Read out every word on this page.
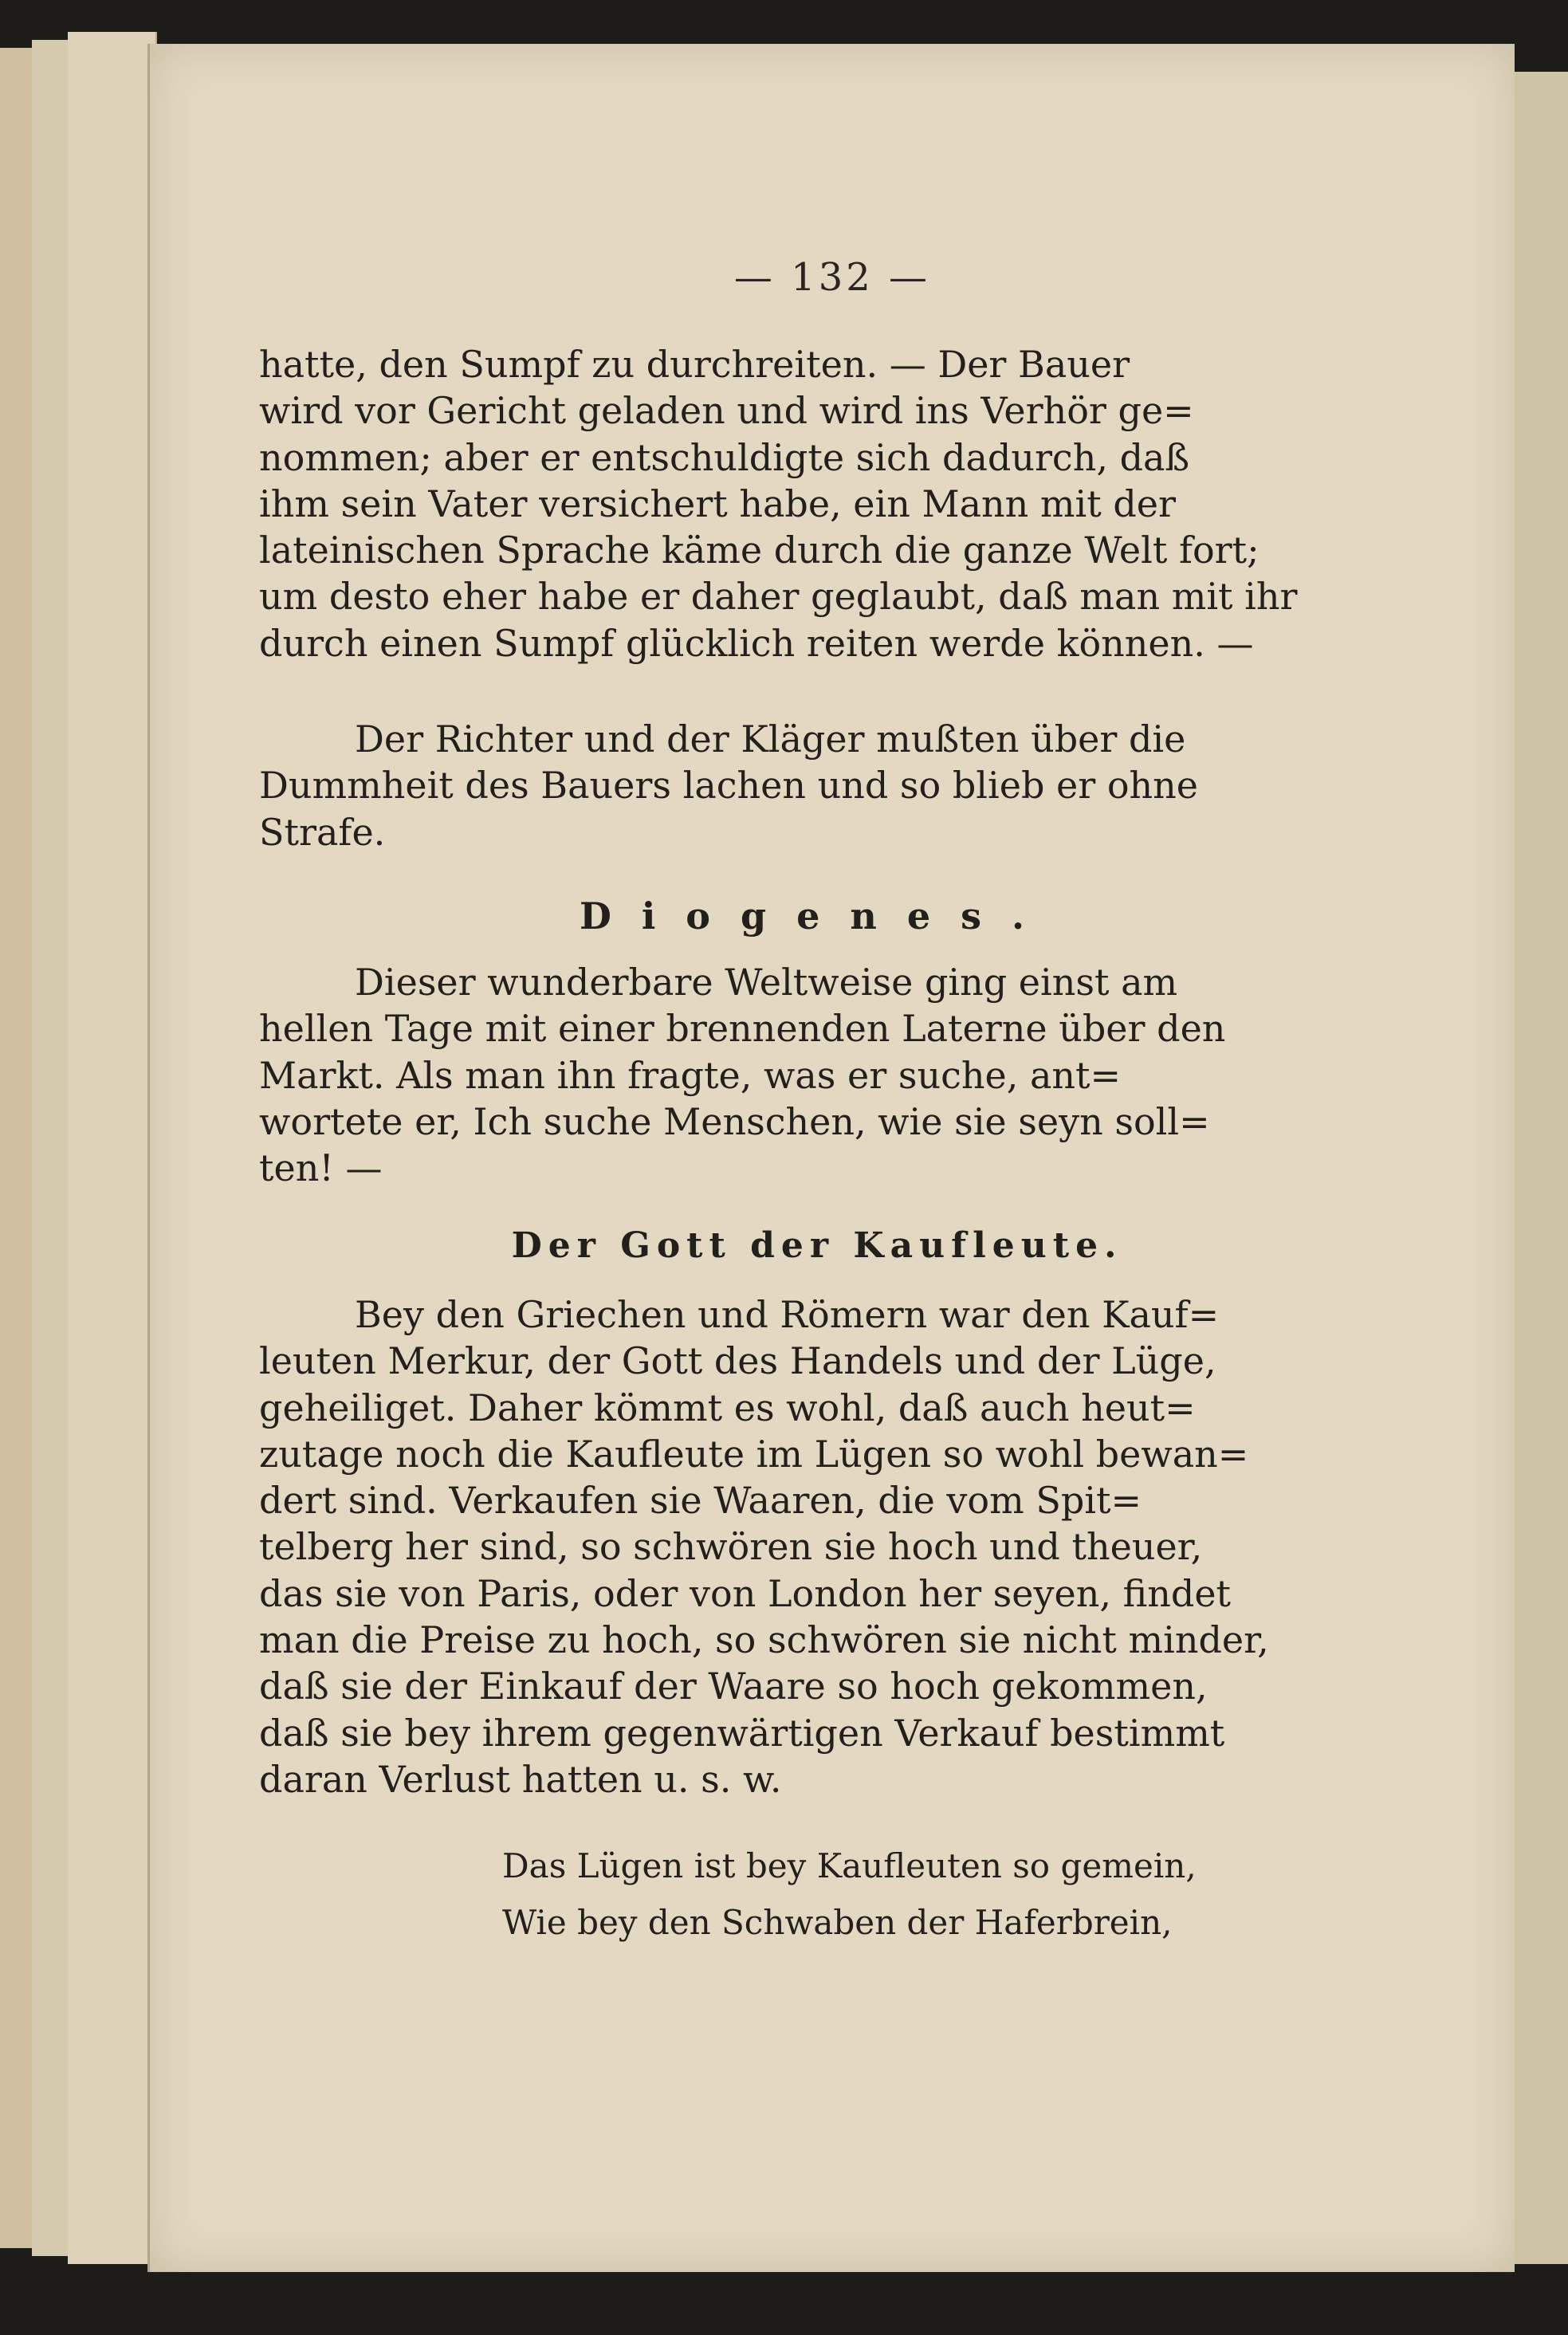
— 132 —

hatte, den Sumpf zu durchreiten. — Der Bauer
wird vor Gericht geladen und wird ins Verhör ge=
nommen; aber er entschuldigte sich dadurch, daß
ihm sein Vater versichert habe, ein Mann mit der
lateinischen Sprache käme durch die ganze Welt fort;
um desto eher habe er daher geglaubt, daß man mit ihr
durch einen Sumpf glücklich reiten werde können. —

Der Richter und der Kläger mußten über die
Dummheit des Bauers lachen und so blieb er ohne
Strafe.

Diogenes.

Dieser wunderbare Weltweise ging einst am
hellen Tage mit einer brennenden Laterne über den
Markt. Als man ihn fragte, was er suche, ant=
wortete er, Ich suche Menschen, wie sie seyn soll=
ten! —

Der Gott der Kaufleute.

Bey den Griechen und Römern war den Kauf=
leuten Merkur, der Gott des Handels und der Lüge,
geheiliget. Daher kömmt es wohl, daß auch heut=
zutage noch die Kaufleute im Lügen so wohl bewan=
dert sind. Verkaufen sie Waaren, die vom Spit=
telberg her sind, so schwören sie hoch und theuer,
das sie von Paris, oder von London her seyen, findet
man die Preise zu hoch, so schwören sie nicht minder,
daß sie der Einkauf der Waare so hoch gekommen,
daß sie bey ihrem gegenwärtigen Verkauf bestimmt
daran Verlust hatten u. s. w.

Das Lügen ist bey Kaufleuten so gemein,

Wie bey den Schwaben der Haferbrein,
